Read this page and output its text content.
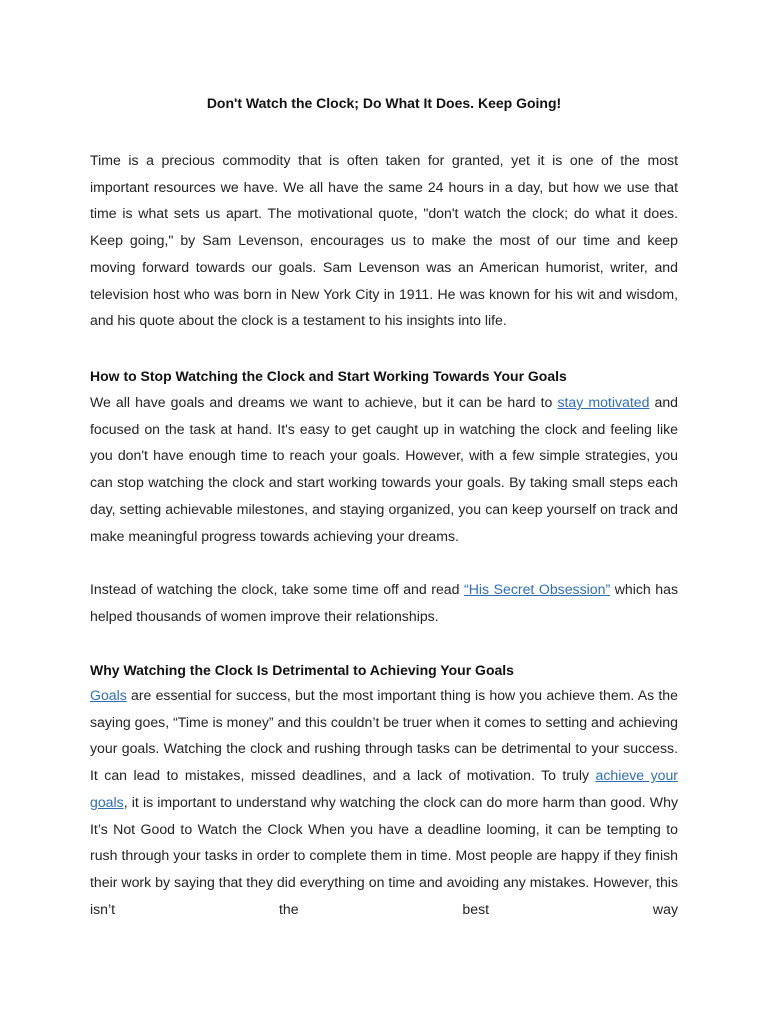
Don't Watch the Clock; Do What It Does. Keep Going!

Time is a precious commodity that is often taken for granted, yet it is one of the most important resources we have. We all have the same 24 hours in a day, but how we use that time is what sets us apart. The motivational quote, "don't watch the clock; do what it does. Keep going," by Sam Levenson, encourages us to make the most of our time and keep moving forward towards our goals. Sam Levenson was an American humorist, writer, and television host who was born in New York City in 1911. He was known for his wit and wisdom, and his quote about the clock is a testament to his insights into life.

How to Stop Watching the Clock and Start Working Towards Your Goals

We all have goals and dreams we want to achieve, but it can be hard to stay motivated and focused on the task at hand. It's easy to get caught up in watching the clock and feeling like you don't have enough time to reach your goals. However, with a few simple strategies, you can stop watching the clock and start working towards your goals. By taking small steps each day, setting achievable milestones, and staying organized, you can keep yourself on track and make meaningful progress towards achieving your dreams.

Instead of watching the clock, take some time off and read “His Secret Obsession” which has helped thousands of women improve their relationships.

Why Watching the Clock Is Detrimental to Achieving Your Goals

Goals are essential for success, but the most important thing is how you achieve them. As the saying goes, “Time is money” and this couldn’t be truer when it comes to setting and achieving your goals. Watching the clock and rushing through tasks can be detrimental to your success. It can lead to mistakes, missed deadlines, and a lack of motivation. To truly achieve your goals, it is important to understand why watching the clock can do more harm than good. Why It’s Not Good to Watch the Clock When you have a deadline looming, it can be tempting to rush through your tasks in order to complete them in time. Most people are happy if they finish their work by saying that they did everything on time and avoiding any mistakes. However, this isn’t the best way
